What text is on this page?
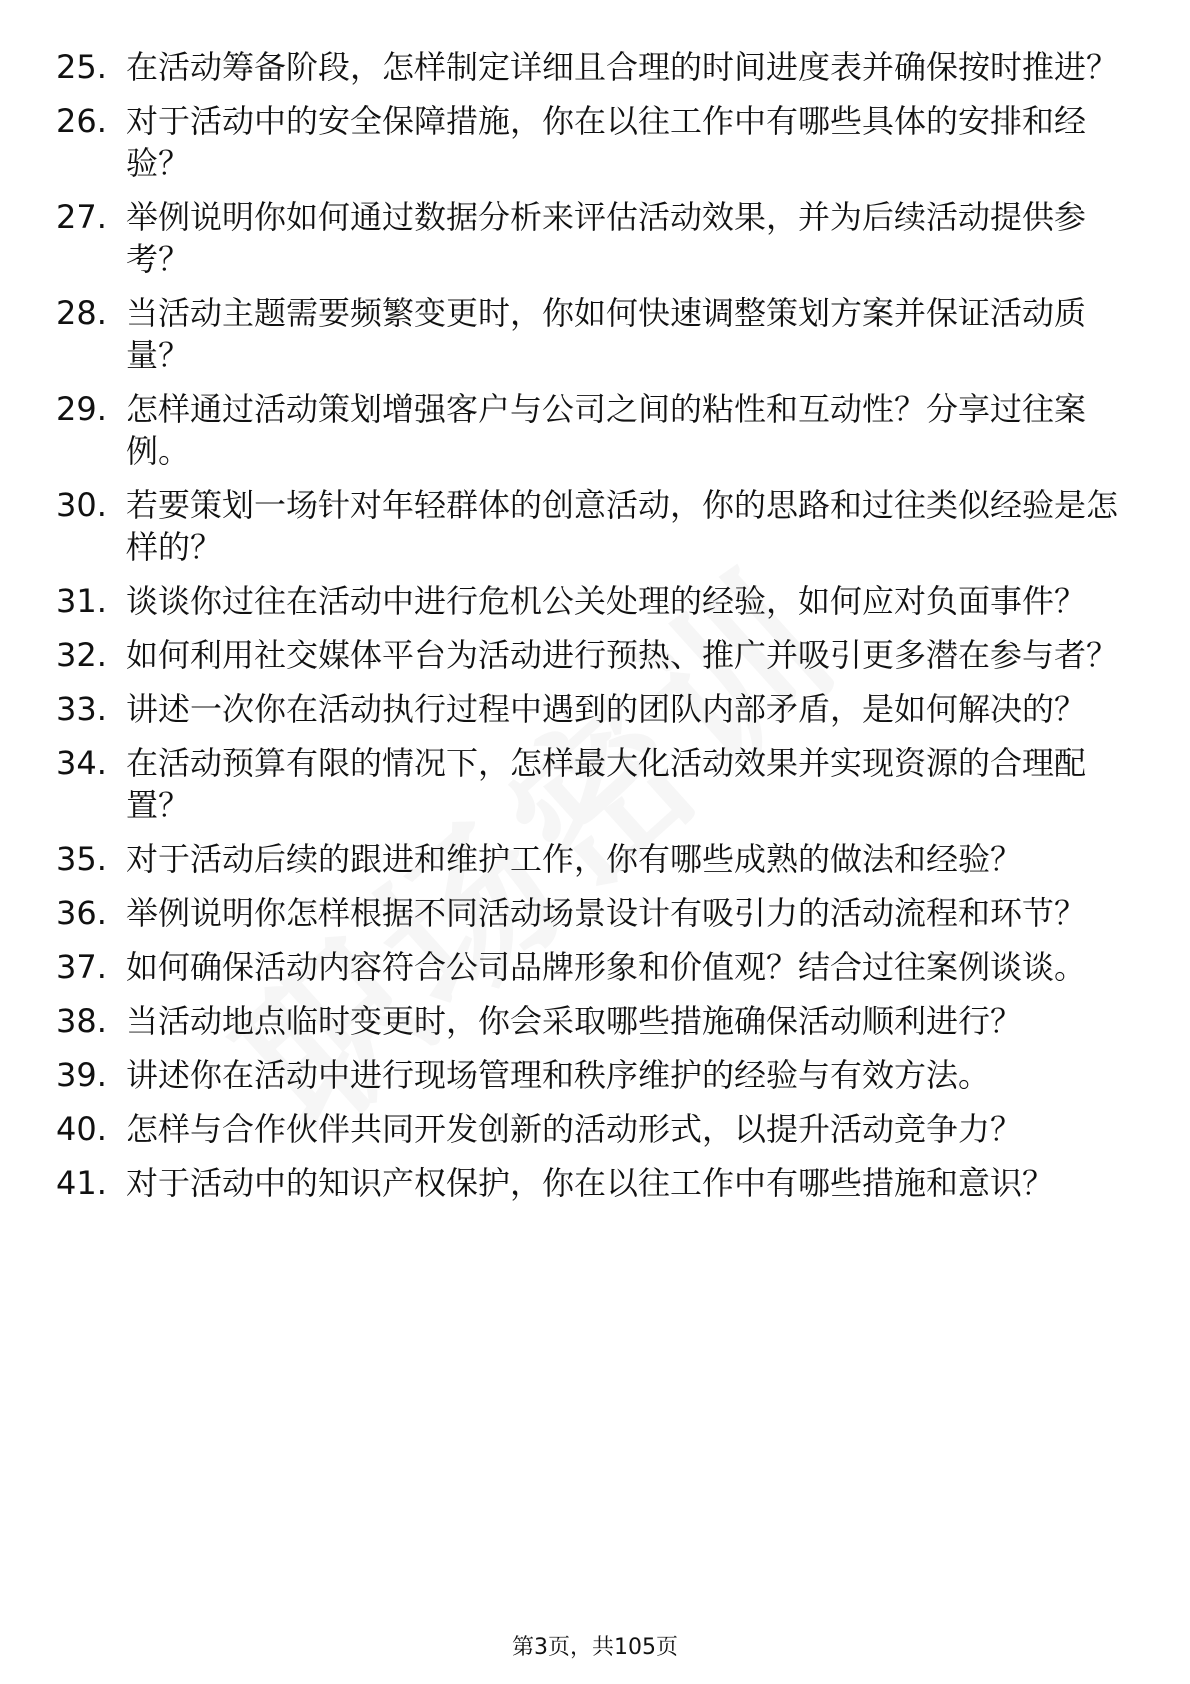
25. 在活动筹备阶段，怎样制定详细且合理的时间进度表并确保按时推进？
26. 对于活动中的安全保障措施，你在以往工作中有哪些具体的安排和经验？
27. 举例说明你如何通过数据分析来评估活动效果，并为后续活动提供参考？
28. 当活动主题需要频繁变更时，你如何快速调整策划方案并保证活动质量？
29. 怎样通过活动策划增强客户与公司之间的粘性和互动性？分享过往案例。
30. 若要策划一场针对年轻群体的创意活动，你的思路和过往类似经验是怎样的？
31. 谈谈你过往在活动中进行危机公关处理的经验，如何应对负面事件？
32. 如何利用社交媒体平台为活动进行预热、推广并吸引更多潜在参与者？
33. 讲述一次你在活动执行过程中遇到的团队内部矛盾，是如何解决的？
34. 在活动预算有限的情况下，怎样最大化活动效果并实现资源的合理配置？
35. 对于活动后续的跟进和维护工作，你有哪些成熟的做法和经验？
36. 举例说明你怎样根据不同活动场景设计有吸引力的活动流程和环节？
37. 如何确保活动内容符合公司品牌形象和价值观？结合过往案例谈谈。
38. 当活动地点临时变更时，你会采取哪些措施确保活动顺利进行？
39. 讲述你在活动中进行现场管理和秩序维护的经验与有效方法。
40. 怎样与合作伙伴共同开发创新的活动形式，以提升活动竞争力？
41. 对于活动中的知识产权保护，你在以往工作中有哪些措施和意识？
第3页，共105页
